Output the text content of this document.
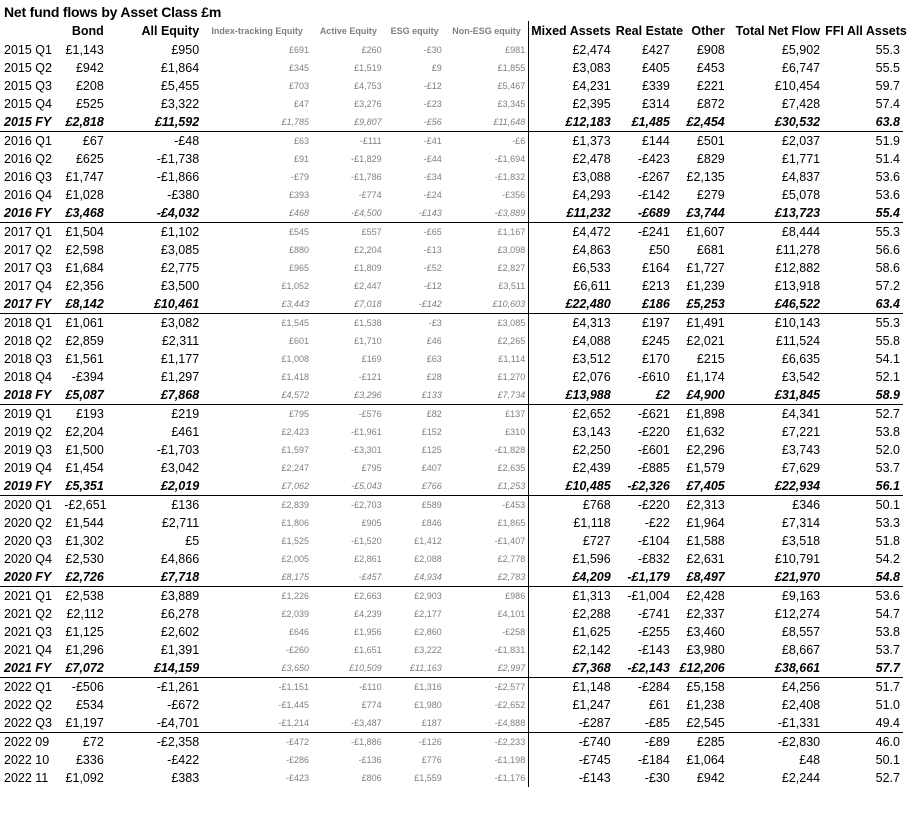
Net fund flows by Asset Class £m
	Bond	All Equity	Index-tracking Equity	Active Equity	ESG equity	Non-ESG equity	Mixed Assets	Real Estate	Other	Total Net Flow	FFI All Assets
2015 Q1	£1,143	£950	£691	£260	-£30	£981	£2,474	£427	£908	£5,902	55.3
2015 Q2	£942	£1,864	£345	£1,519	£9	£1,855	£3,083	£405	£453	£6,747	55.5
2015 Q3	£208	£5,455	£703	£4,753	-£12	£5,467	£4,231	£339	£221	£10,454	59.7
2015 Q4	£525	£3,322	£47	£3,276	-£23	£3,345	£2,395	£314	£872	£7,428	57.4
2015 FY	£2,818	£11,592	£1,785	£9,807	-£56	£11,648	£12,183	£1,485	£2,454	£30,532	63.8
2016 Q1	£67	-£48	£63	-£111	-£41	-£6	£1,373	£144	£501	£2,037	51.9
2016 Q2	£625	-£1,738	£91	-£1,829	-£44	-£1,694	£2,478	-£423	£829	£1,771	51.4
2016 Q3	£1,747	-£1,866	-£79	-£1,786	-£34	-£1,832	£3,088	-£267	£2,135	£4,837	53.6
2016 Q4	£1,028	-£380	£393	-£774	-£24	-£356	£4,293	-£142	£279	£5,078	53.6
2016 FY	£3,468	-£4,032	£468	-£4,500	-£143	-£3,889	£11,232	-£689	£3,744	£13,723	55.4
2017 Q1	£1,504	£1,102	£545	£557	-£65	£1,167	£4,472	-£241	£1,607	£8,444	55.3
2017 Q2	£2,598	£3,085	£880	£2,204	-£13	£3,098	£4,863	£50	£681	£11,278	56.6
2017 Q3	£1,684	£2,775	£965	£1,809	-£52	£2,827	£6,533	£164	£1,727	£12,882	58.6
2017 Q4	£2,356	£3,500	£1,052	£2,447	-£12	£3,511	£6,611	£213	£1,239	£13,918	57.2
2017 FY	£8,142	£10,461	£3,443	£7,018	-£142	£10,603	£22,480	£186	£5,253	£46,522	63.4
2018 Q1	£1,061	£3,082	£1,545	£1,538	-£3	£3,085	£4,313	£197	£1,491	£10,143	55.3
2018 Q2	£2,859	£2,311	£601	£1,710	£46	£2,265	£4,088	£245	£2,021	£11,524	55.8
2018 Q3	£1,561	£1,177	£1,008	£169	£63	£1,114	£3,512	£170	£215	£6,635	54.1
2018 Q4	-£394	£1,297	£1,418	-£121	£28	£1,270	£2,076	-£610	£1,174	£3,542	52.1
2018 FY	£5,087	£7,868	£4,572	£3,296	£133	£7,734	£13,988	£2	£4,900	£31,845	58.9
2019 Q1	£193	£219	£795	-£576	£82	£137	£2,652	-£621	£1,898	£4,341	52.7
2019 Q2	£2,204	£461	£2,423	-£1,961	£152	£310	£3,143	-£220	£1,632	£7,221	53.8
2019 Q3	£1,500	-£1,703	£1,597	-£3,301	£125	-£1,828	£2,250	-£601	£2,296	£3,743	52.0
2019 Q4	£1,454	£3,042	£2,247	£795	£407	£2,635	£2,439	-£885	£1,579	£7,629	53.7
2019 FY	£5,351	£2,019	£7,062	-£5,043	£766	£1,253	£10,485	-£2,326	£7,405	£22,934	56.1
2020 Q1	-£2,651	£136	£2,839	-£2,703	£589	-£453	£768	-£220	£2,313	£346	50.1
2020 Q2	£1,544	£2,711	£1,806	£905	£846	£1,865	£1,118	-£22	£1,964	£7,314	53.3
2020 Q3	£1,302	£5	£1,525	-£1,520	£1,412	-£1,407	£727	-£104	£1,588	£3,518	51.8
2020 Q4	£2,530	£4,866	£2,005	£2,861	£2,088	£2,778	£1,596	-£832	£2,631	£10,791	54.2
2020 FY	£2,726	£7,718	£8,175	-£457	£4,934	£2,783	£4,209	-£1,179	£8,497	£21,970	54.8
2021 Q1	£2,538	£3,889	£1,226	£2,663	£2,903	£986	£1,313	-£1,004	£2,428	£9,163	53.6
2021 Q2	£2,112	£6,278	£2,039	£4,239	£2,177	£4,101	£2,288	-£741	£2,337	£12,274	54.7
2021 Q3	£1,125	£2,602	£646	£1,956	£2,860	-£258	£1,625	-£255	£3,460	£8,557	53.8
2021 Q4	£1,296	£1,391	-£260	£1,651	£3,222	-£1,831	£2,142	-£143	£3,980	£8,667	53.7
2021 FY	£7,072	£14,159	£3,650	£10,509	£11,163	£2,997	£7,368	-£2,143	£12,206	£38,661	57.7
2022 Q1	-£506	-£1,261	-£1,151	-£110	£1,316	-£2,577	£1,148	-£284	£5,158	£4,256	51.7
2022 Q2	£534	-£672	-£1,445	£774	£1,980	-£2,652	£1,247	£61	£1,238	£2,408	51.0
2022 Q3	£1,197	-£4,701	-£1,214	-£3,487	£187	-£4,888	-£287	-£85	£2,545	-£1,331	49.4
2022 09	£72	-£2,358	-£472	-£1,886	-£126	-£2,233	-£740	-£89	£285	-£2,830	46.0
2022 10	£336	-£422	-£286	-£136	£776	-£1,198	-£745	-£184	£1,064	£48	50.1
2022 11	£1,092	£383	-£423	£806	£1,559	-£1,176	-£143	-£30	£942	£2,244	52.7
